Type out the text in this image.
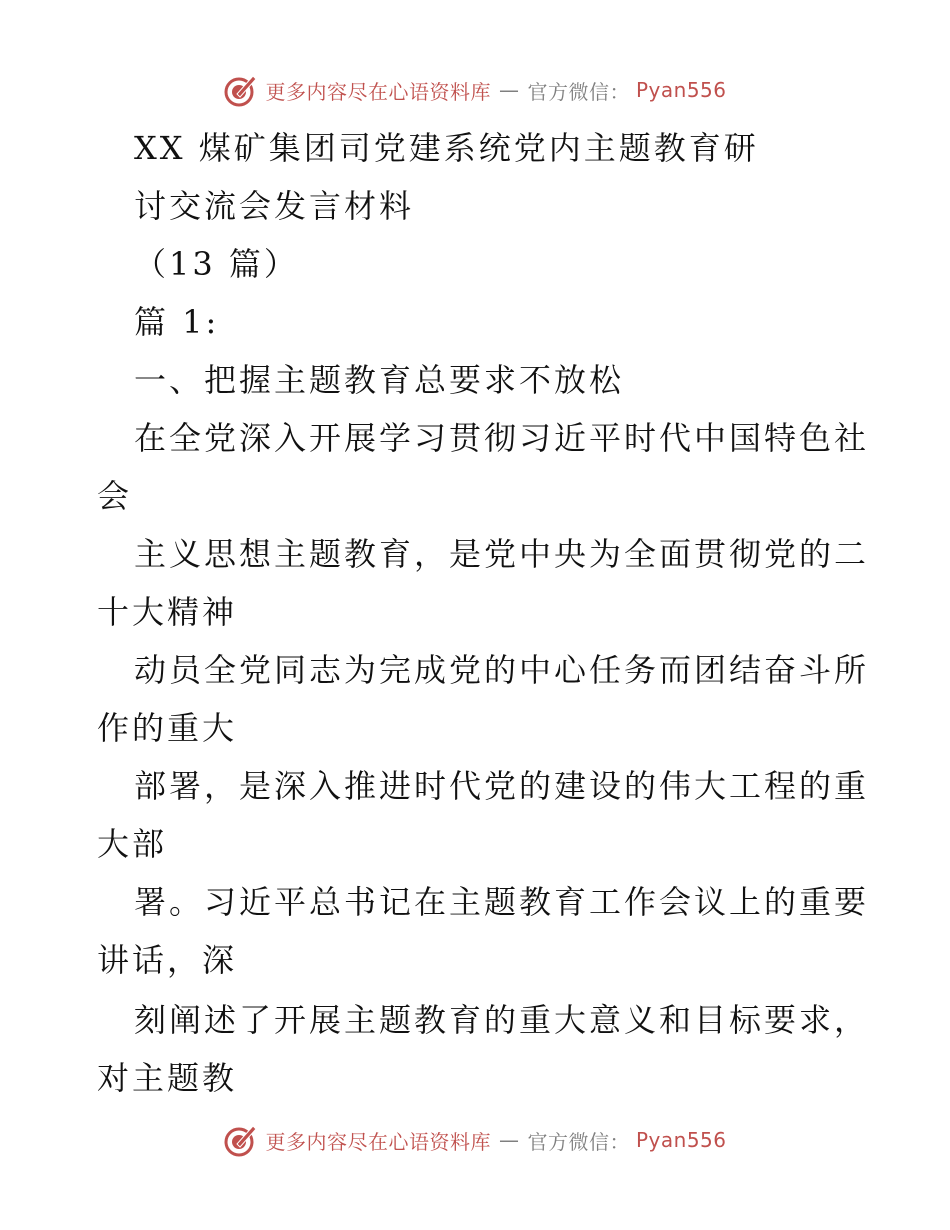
更多内容尽在心语资料库 — 官方微信： Pyan556
XX 煤矿集团司党建系统党内主题教育研
讨交流会发言材料
（13 篇）
篇 1:
一、把握主题教育总要求不放松
在全党深入开展学习贯彻习近平时代中国特色社
会
主义思想主题教育，是党中央为全面贯彻党的二
十大精神
动员全党同志为完成党的中心任务而团结奋斗所
作的重大
部署，是深入推进时代党的建设的伟大工程的重
大部
署。习近平总书记在主题教育工作会议上的重要
讲话，深
刻阐述了开展主题教育的重大意义和目标要求，
对主题教
更多内容尽在心语资料库 — 官方微信： Pyan556
